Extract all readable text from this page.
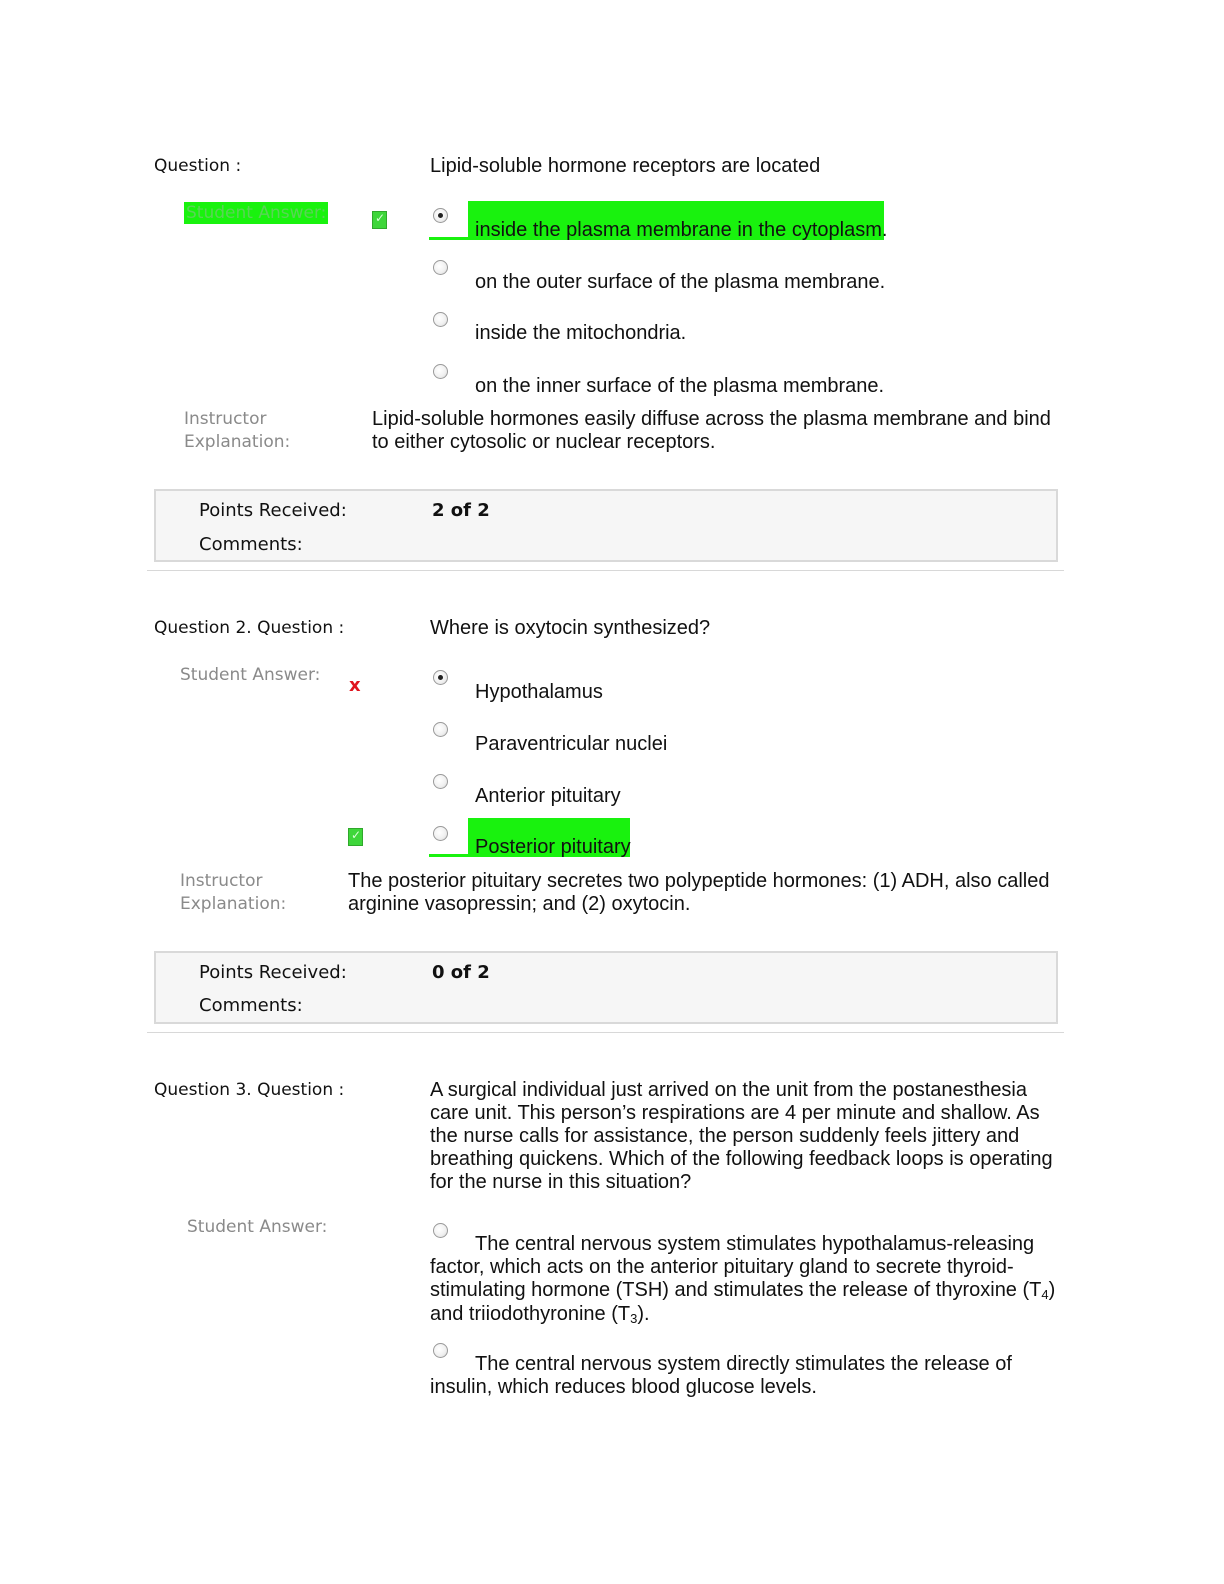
Question :	Lipid-soluble hormone receptors are located
Student Answer:
✓
inside the plasma membrane in the cytoplasm.
on the outer surface of the plasma membrane.
inside the mitochondria.
on the inner surface of the plasma membrane.
Instructor
Explanation:
Lipid-soluble hormones easily diffuse across the plasma membrane and bind to either cytosolic or nuclear receptors.
Points Received:	2 of 2
Comments:
Question 2. Question :	Where is oxytocin synthesized?
Student Answer: x	Hypothalamus
Paraventricular nuclei
Anterior pituitary
✓
Posterior pituitary
Instructor
Explanation:
The posterior pituitary secretes two polypeptide hormones: (1) ADH, also called arginine vasopressin; and (2) oxytocin.
Points Received:	0 of 2
Comments:
Question 3. Question :	A surgical individual just arrived on the unit from the postanesthesia care unit. This person’s respirations are 4 per minute and shallow. As the nurse calls for assistance, the person suddenly feels jittery and breathing quickens. Which of the following feedback loops is operating for the nurse in this situation?
Student Answer:
The central nervous system stimulates hypothalamus-releasing factor, which acts on the anterior pituitary gland to secrete thyroid-stimulating hormone (TSH) and stimulates the release of thyroxine $(T_4)$ and triiodothyronine $(T_3)$.
The central nervous system directly stimulates the release of insulin, which reduces blood glucose levels.
